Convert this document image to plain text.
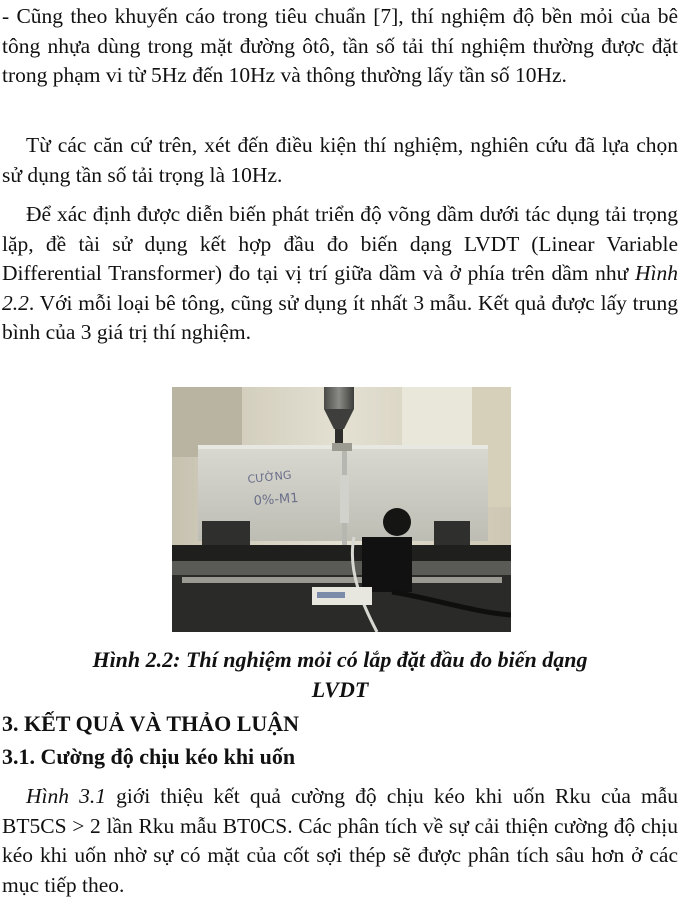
- Cũng theo khuyến cáo trong tiêu chuẩn [7], thí nghiệm độ bền mỏi của bê tông nhựa dùng trong mặt đường ôtô, tần số tải thí nghiệm thường được đặt trong phạm vi từ 5Hz đến 10Hz và thông thường lấy tần số 10Hz.

Từ các căn cứ trên, xét đến điều kiện thí nghiệm, nghiên cứu đã lựa chọn sử dụng tần số tải trọng là 10Hz.

Để xác định được diễn biến phát triển độ võng dầm dưới tác dụng tải trọng lặp, đề tài sử dụng kết hợp đầu đo biến dạng LVDT (Linear Variable Differential Transformer) đo tại vị trí giữa dầm và ở phía trên dầm như Hình 2.2. Với mỗi loại bê tông, cũng sử dụng ít nhất 3 mẫu. Kết quả được lấy trung bình của 3 giá trị thí nghiệm.

CƯỜNG
0%-M1

Hình 2.2: Thí nghiệm mỏi có lắp đặt đầu đo biến dạng

LVDT

3. KẾT QUẢ VÀ THẢO LUẬN
3.1. Cường độ chịu kéo khi uốn

Hình 3.1 giới thiệu kết quả cường độ chịu kéo khi uốn Rku của mẫu BT5CS > 2 lần Rku mẫu BT0CS. Các phân tích về sự cải thiện cường độ chịu kéo khi uốn nhờ sự có mặt của cốt sợi thép sẽ được phân tích sâu hơn ở các mục tiếp theo.
